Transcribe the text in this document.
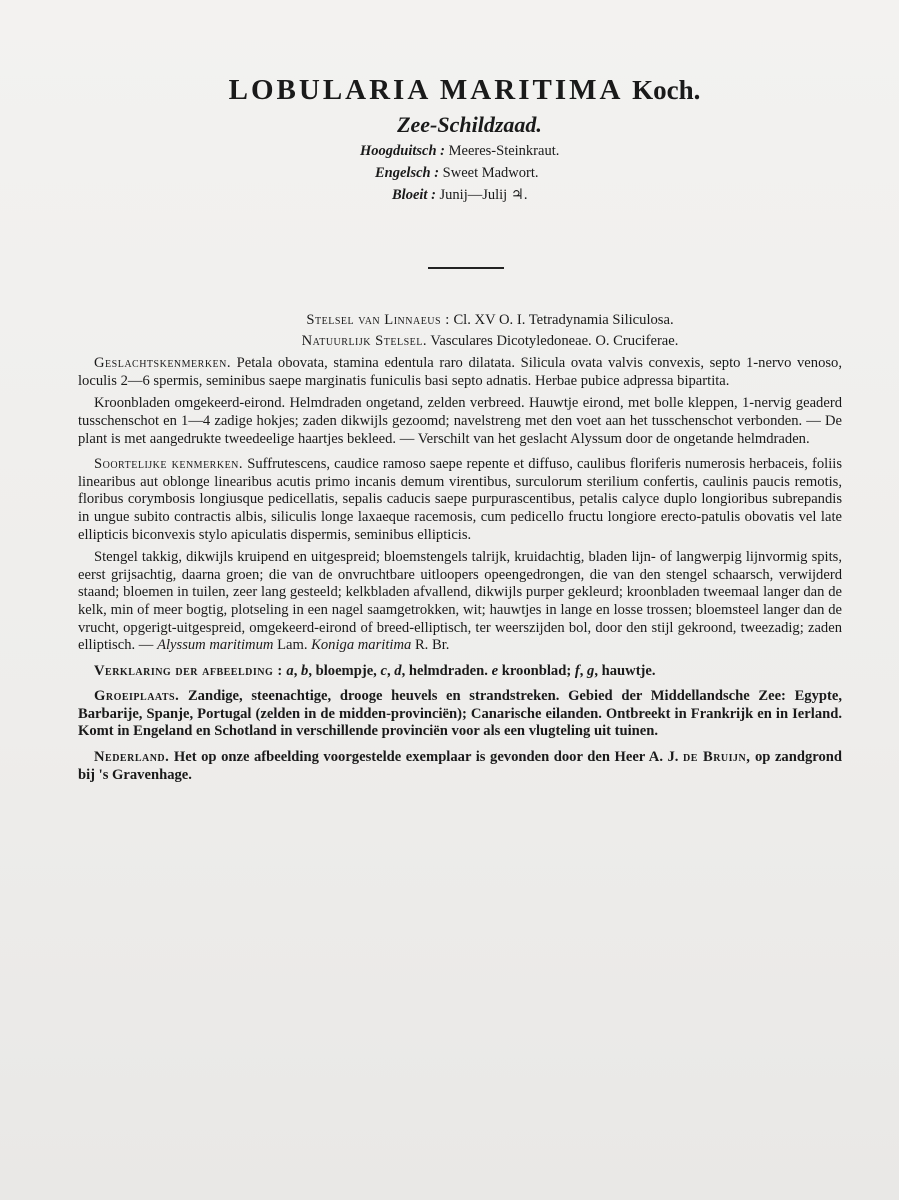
LOBULARIA MARITIMA Koch.
Zee-Schildzaad.
Hoogduitsch : Meeres-Steinkraut.
Engelsch : Sweet Madwort.
Bloeit : Junij—Julij ♃.

Stelsel van Linnaeus : Cl. XV O. I. Tetradynamia Siliculosa.

Natuurlijk Stelsel. Vasculares Dicotyledoneae. O. Cruciferae.

Geslachtskenmerken. Petala obovata, stamina edentula raro dilatata. Silicula ovata valvis convexis, septo 1-nervo venoso, loculis 2—6 spermis, seminibus saepe marginatis funiculis basi septo adnatis. Herbae pubice adpressa bipartita.

Kroonbladen omgekeerd-eirond. Helmdraden ongetand, zelden verbreed. Hauwtje eirond, met bolle kleppen, 1-nervig geaderd tusschenschot en 1—4 zadige hokjes; zaden dikwijls gezoomd; navelstreng met den voet aan het tusschenschot verbonden. — De plant is met aangedrukte tweedeelige haartjes bekleed. — Verschilt van het geslacht Alyssum door de ongetande helmdraden.

Soortelijke kenmerken. Suffrutescens, caudice ramoso saepe repente et diffuso, caulibus floriferis numerosis herbaceis, foliis linearibus aut oblonge linearibus acutis primo incanis demum virentibus, surculorum sterilium confertis, caulinis paucis remotis, floribus corymbosis longiusque pedicellatis, sepalis caducis saepe purpurascentibus, petalis calyce duplo longioribus subrepandis in ungue subito contractis albis, siliculis longe laxaeque racemosis, cum pedicello fructu longiore erecto-patulis obovatis vel late ellipticis biconvexis stylo apiculatis dispermis, seminibus ellipticis.

Stengel takkig, dikwijls kruipend en uitgespreid; bloemstengels talrijk, kruidachtig, bladen lijn- of langwerpig lijnvormig spits, eerst grijsachtig, daarna groen; die van de onvruchtbare uitloopers opeengedrongen, die van den stengel schaarsch, verwijderd staand; bloemen in tuilen, zeer lang gesteeld; kelkbladen afvallend, dikwijls purper gekleurd; kroonbladen tweemaal langer dan de kelk, min of meer bogtig, plotseling in een nagel saamgetrokken, wit; hauwtjes in lange en losse trossen; bloemsteel langer dan de vrucht, opgerigt-uitgespreid, omgekeerd-eirond of breed-elliptisch, ter weerszijden bol, door den stijl gekroond, tweezadig; zaden elliptisch. — Alyssum maritimum Lam. Koniga maritima R. Br.

Verklaring der afbeelding : a, b, bloempje, c, d, helmdraden. e kroonblad; f, g, hauwtje.

Groeiplaats. Zandige, steenachtige, drooge heuvels en strandstreken. Gebied der Middellandsche Zee: Egypte, Barbarije, Spanje, Portugal (zelden in de midden-provinciën); Canarische eilanden. Ontbreekt in Frankrijk en in Ierland. Komt in Engeland en Schotland in verschillende provinciën voor als een vlugteling uit tuinen.

Nederland. Het op onze afbeelding voorgestelde exemplaar is gevonden door den Heer A. J. de Bruijn, op zandgrond bij 's Gravenhage.
